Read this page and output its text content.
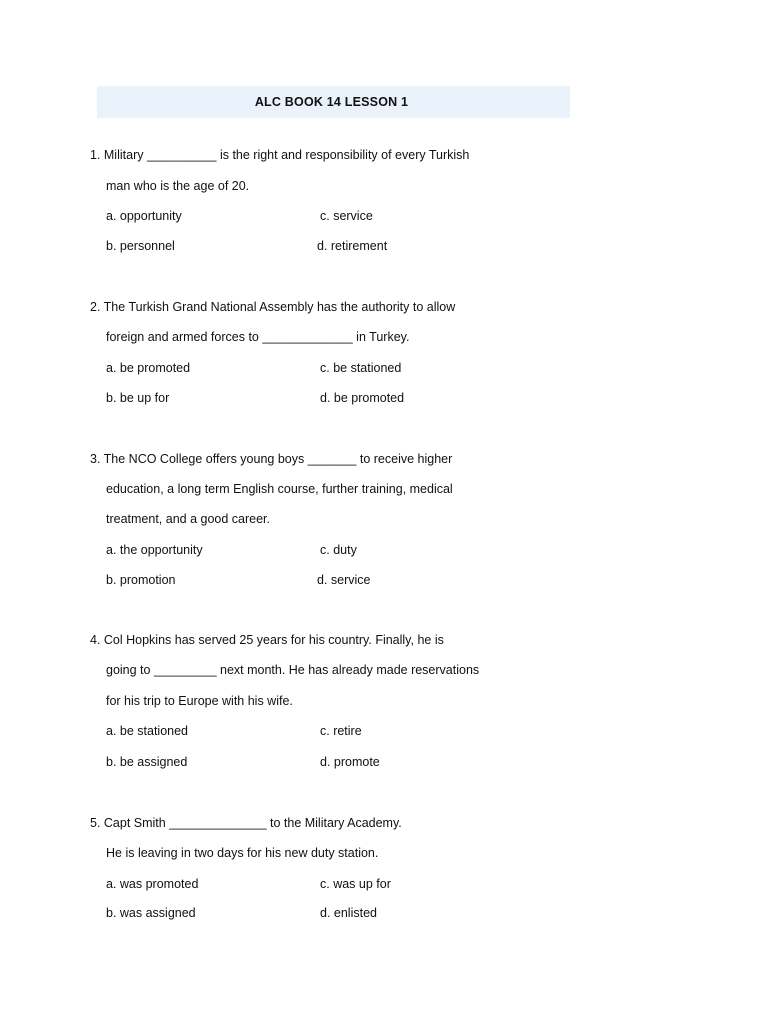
ALC BOOK 14 LESSON 1
1. Military __________ is the right and responsibility of every Turkish
man who is the age of 20.
a. opportunity	c. service
b. personnel	d. retirement
2. The Turkish Grand National Assembly has the authority to allow
foreign and armed forces to _____________ in Turkey.
a. be promoted	c. be stationed
b. be up for	d. be promoted
3. The NCO College offers young boys _______ to receive higher
education, a long term English course, further training, medical
treatment, and a good career.
a. the opportunity	c. duty
b. promotion	d. service
4. Col Hopkins has served 25 years for his country. Finally, he is
going to _________ next month. He has already made reservations
for his trip to Europe with his wife.
a. be stationed	c. retire
b. be assigned	d. promote
5. Capt Smith ______________ to the Military Academy.
He is leaving in two days for his new duty station.
a. was promoted	c. was up for
b. was assigned	d. enlisted
